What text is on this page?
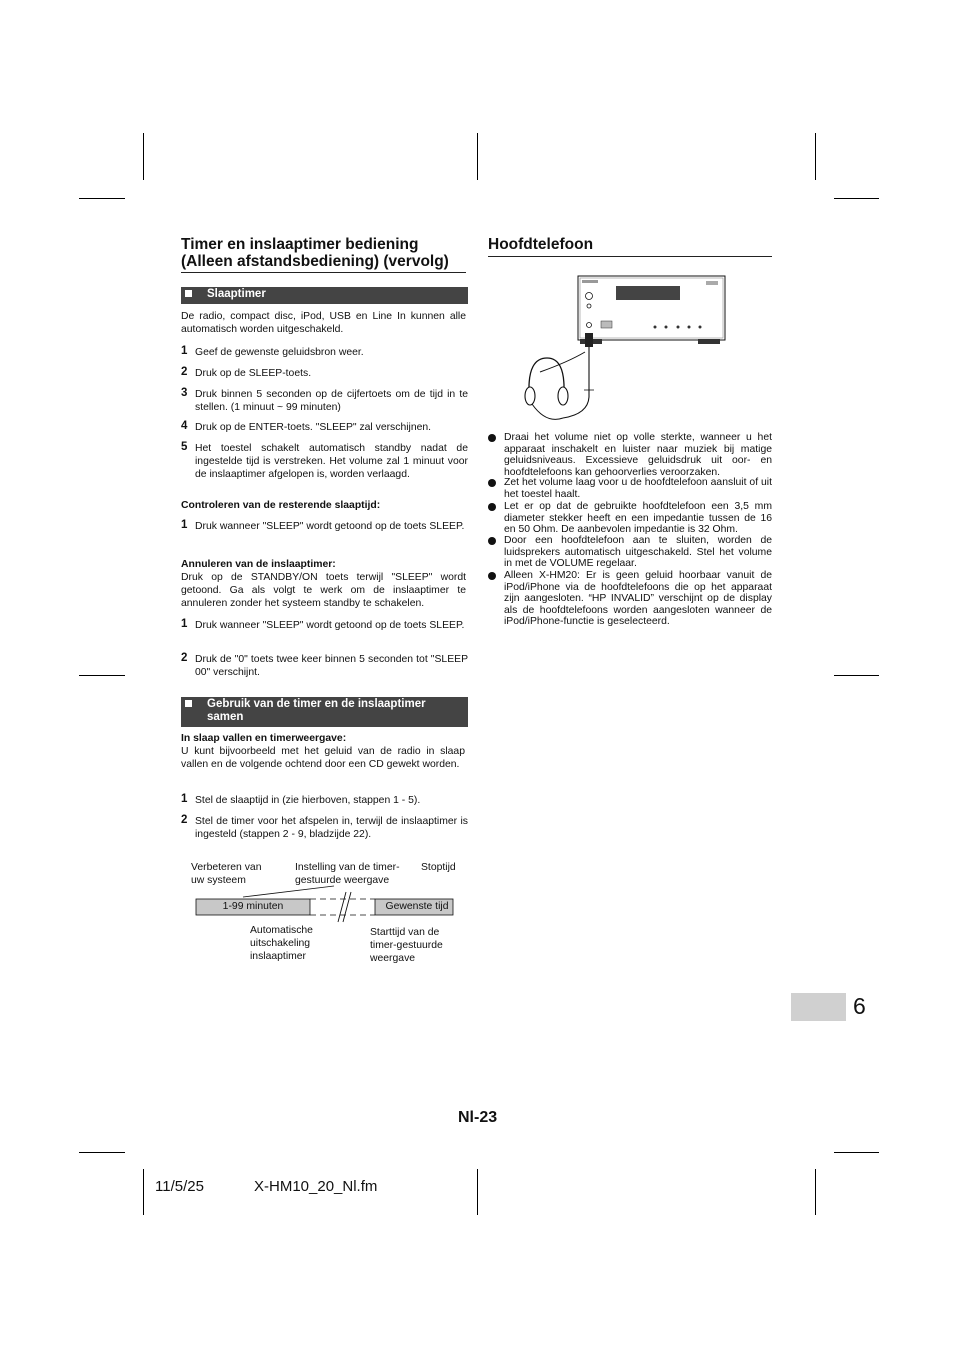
Timer en inslaaptimer bediening
(Alleen afstandsbediening) (vervolg)
Slaaptimer
De radio, compact disc, iPod, USB en Line In kunnen alle automatisch worden uitgeschakeld.
1 Geef de gewenste geluidsbron weer.
2 Druk op de SLEEP-toets.
3 Druk binnen 5 seconden op de cijfertoets om de tijd in te stellen. (1 minuut ~ 99 minuten)
4 Druk op de ENTER-toets. "SLEEP" zal verschijnen.
5 Het toestel schakelt automatisch standby nadat de ingestelde tijd is verstreken. Het volume zal 1 minuut voor de inslaaptimer afgelopen is, worden verlaagd.
Controleren van de resterende slaaptijd:
1 Druk wanneer "SLEEP" wordt getoond op de toets SLEEP.
Annuleren van de inslaaptimer:
Druk op de STANDBY/ON toets terwijl "SLEEP" wordt getoond. Ga als volgt te werk om de inslaaptimer te annuleren zonder het systeem standby te schakelen.
1 Druk wanneer "SLEEP" wordt getoond op de toets SLEEP.
2 Druk de "0" toets twee keer binnen 5 seconden tot "SLEEP 00" verschijnt.
Gebruik van de timer en de inslaaptimer
samen
In slaap vallen en timerweergave:
U kunt bijvoorbeeld met het geluid van de radio in slaap vallen en de volgende ochtend door een CD gewekt worden.
1 Stel de slaaptijd in (zie hierboven, stappen 1 - 5).
2 Stel de timer voor het afspelen in, terwijl de inslaaptimer is ingesteld (stappen 2 - 9, bladzijde 22).
Verbeteren van
uw systeem
Instelling van de timer-
gestuurde weergave
Stoptijd
1-99 minuten	Gewenste tijd
Automatische
uitschakeling
inslaaptimer
Starttijd van de
timer-gestuurde
weergave
Hoofdtelefoon
Draai het volume niet op volle sterkte, wanneer u het apparaat inschakelt en luister naar muziek bij matige geluidsniveaus. Excessieve geluidsdruk uit oor- en hoofdtelefoons kan gehoorverlies veroorzaken.
Zet het volume laag voor u de hoofdtelefoon aansluit of uit het toestel haalt.
Let er op dat de gebruikte hoofdtelefoon een 3,5 mm diameter stekker heeft en een impedantie tussen de 16 en 50 Ohm. De aanbevolen impedantie is 32 Ohm.
Door een hoofdtelefoon aan te sluiten, worden de luidsprekers automatisch uitgeschakeld. Stel het volume in met de VOLUME regelaar.
Alleen X-HM20: Er is geen geluid hoorbaar vanuit de iPod/iPhone via de hoofdtelefoons die op het apparaat zijn aangesloten. “HP INVALID” verschijnt op de display als de hoofdtelefoons worden aangesloten wanneer de iPod/iPhone-functie is geselecteerd.
6
Nl-23
11/5/25	X-HM10_20_Nl.fm
